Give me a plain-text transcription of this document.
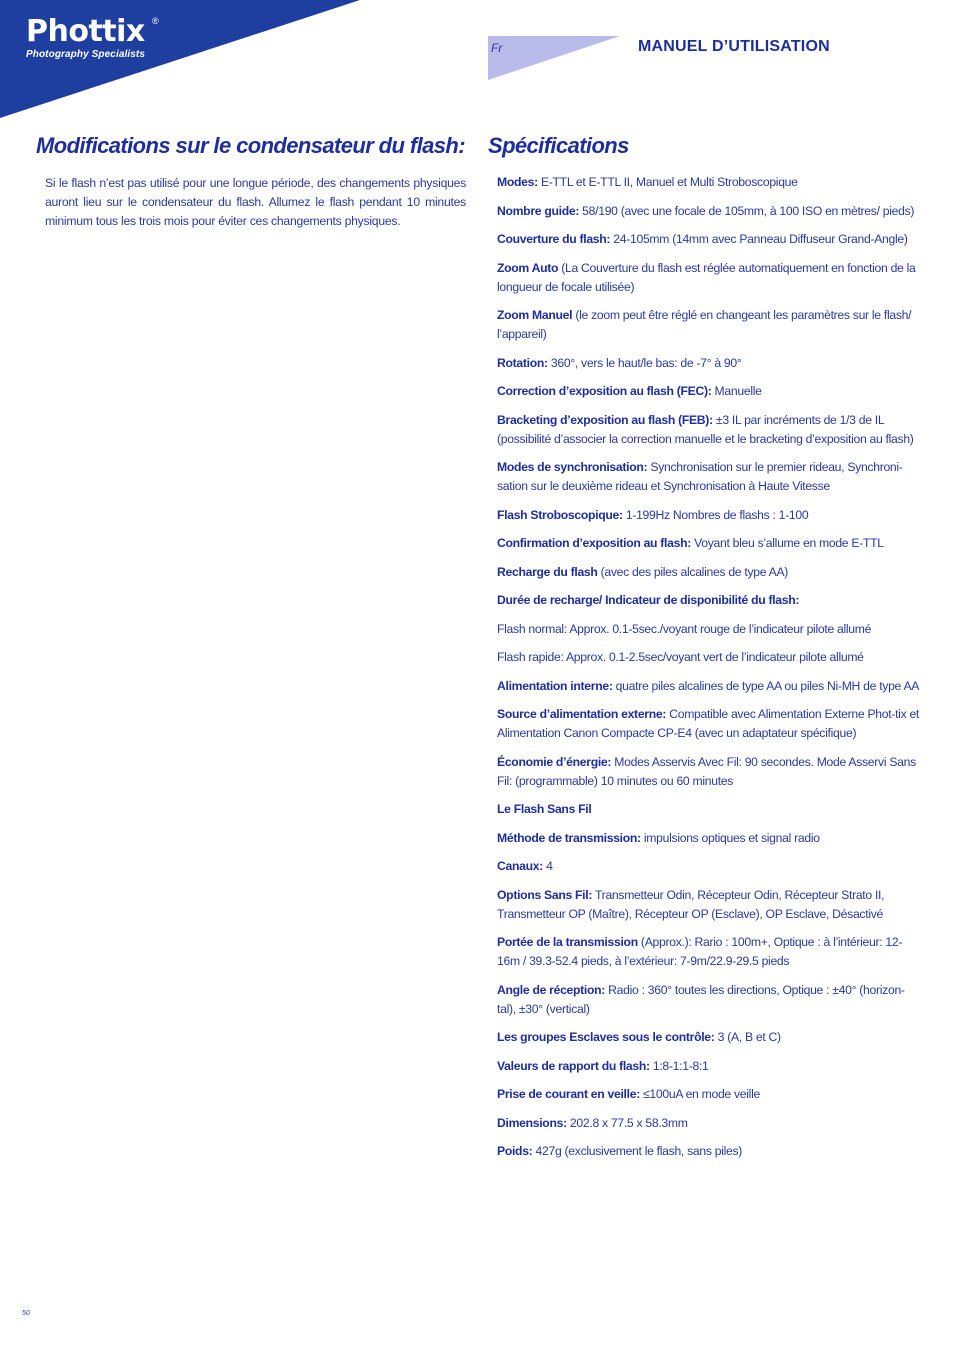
Phottix ®
Photography Specialists	Fr	MANUEL D’UTILISATION
Modifications sur le condensateur du flash:

Si le flash n’est pas utilisé pour une longue période, des changements physiques auront lieu sur le condensateur du flash. Allumez le flash pendant 10 minutes minimum tous les trois mois pour éviter ces changements physiques.

Spécifications

Modes: E-TTL et E-TTL II, Manuel et Multi Stroboscopique

Nombre guide: 58/190 (avec une focale de 105mm, à 100 ISO en mètres/ pieds)

Couverture du flash: 24-105mm (14mm avec Panneau Diffuseur Grand-Angle)

Zoom Auto (La Couverture du flash est réglée automatiquement en fonction de la longueur de focale utilisée)

Zoom Manuel (le zoom peut être réglé en changeant les paramètres sur le flash/ l’appareil)

Rotation: 360°, vers le haut/le bas: de -7° à 90°

Correction d’exposition au flash (FEC): Manuelle

Bracketing d’exposition au flash (FEB): ±3 IL par incréments de 1/3 de IL (possibilité d’associer la correction manuelle et le bracketing d’exposition au flash)

Modes de synchronisation: Synchronisation sur le premier rideau, Synchroni-sation sur le deuxième rideau et Synchronisation à Haute Vitesse

Flash Stroboscopique: 1-199Hz Nombres de flashs : 1-100

Confirmation d’exposition au flash: Voyant bleu s’allume en mode E-TTL

Recharge du flash (avec des piles alcalines de type AA)

Durée de recharge/ Indicateur de disponibilité du flash:

Flash normal: Approx. 0.1-5sec./voyant rouge de l’indicateur pilote allumé

Flash rapide: Approx. 0.1-2.5sec/voyant vert de l’indicateur pilote allumé

Alimentation interne: quatre piles alcalines de type AA ou piles Ni-MH de type AA

Source d’alimentation externe: Compatible avec Alimentation Externe Phot-tix et Alimentation Canon Compacte CP-E4 (avec un adaptateur spécifique)

Économie d’énergie: Modes Asservis Avec Fil: 90 secondes. Mode Asservi Sans Fil: (programmable) 10 minutes ou 60 minutes

Le Flash Sans Fil

Méthode de transmission: impulsions optiques et signal radio

Canaux: 4

Options Sans Fil: Transmetteur Odin, Récepteur Odin, Récepteur Strato II, Transmetteur OP (Maître), Récepteur OP (Esclave), OP Esclave, Désactivé

Portée de la transmission (Approx.): Rario : 100m+, Optique : à l’intérieur: 12-16m / 39.3-52.4 pieds, à l’extérieur: 7-9m/22.9-29.5 pieds

Angle de réception: Radio : 360° toutes les directions, Optique : ±40° (horizon-tal), ±30° (vertical)

Les groupes Esclaves sous le contrôle: 3 (A, B et C)

Valeurs de rapport du flash: 1:8-1:1-8:1

Prise de courant en veille: ≤100uA en mode veille

Dimensions: 202.8 x 77.5 x 58.3mm

Poids: 427g (exclusivement le flash, sans piles)

50
